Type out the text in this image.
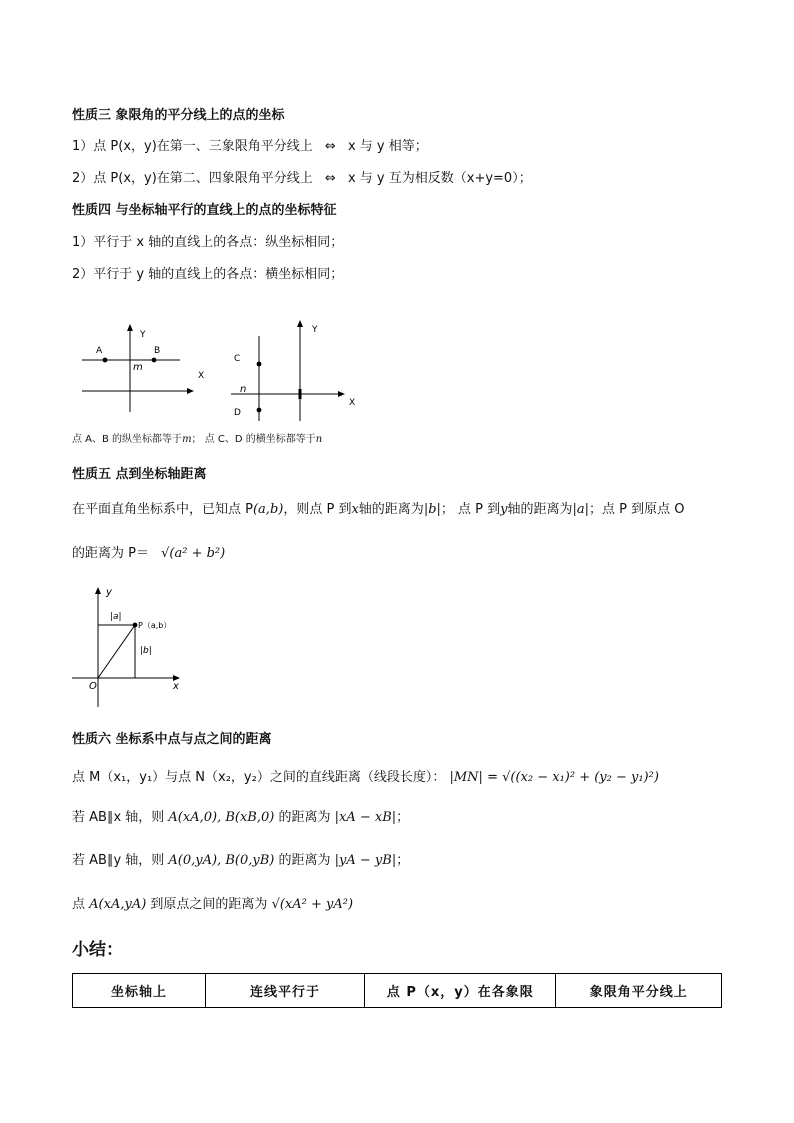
性质三 象限角的平分线上的点的坐标
1）点 P(x，y)在第一、三象限角平分线上 ⇔ x 与 y 相等；
2）点 P(x，y)在第二、四象限角平分线上 ⇔ x 与 y 互为相反数（x+y=0）；
性质四 与坐标轴平行的直线上的点的坐标特征
1）平行于 x 轴的直线上的各点：纵坐标相同；
2）平行于 y 轴的直线上的各点：横坐标相同；
Y
X
A	B
m
Y
X
C
D
n
点 A、B 的纵坐标都等于m； 点 C、D 的横坐标都等于n
性质五 点到坐标轴距离
在平面直角坐标系中，已知点 P(a,b)，则点 P 到x轴的距离为|b|； 点 P 到y轴的距离为|a|；点 P 到原点 O
的距离为 P＝ √(a² + b²)
y
x
O
P（a,b）
|a|
|b|
性质六 坐标系中点与点之间的距离
点 M（x₁，y₁）与点 N（x₂，y₂）之间的直线距离（线段长度）： |MN| = √((x₂ − x₁)² + (y₂ − y₁)²)
若 AB∥x 轴，则 A(xA,0), B(xB,0) 的距离为 |xA − xB|；
若 AB∥y 轴，则 A(0,yA), B(0,yB) 的距离为 |yA − yB|；
点 A(xA,yA) 到原点之间的距离为 √(xA² + yA²)
小结：
坐标轴上	连线平行于	点 P（x，y）在各象限	象限角平分线上
